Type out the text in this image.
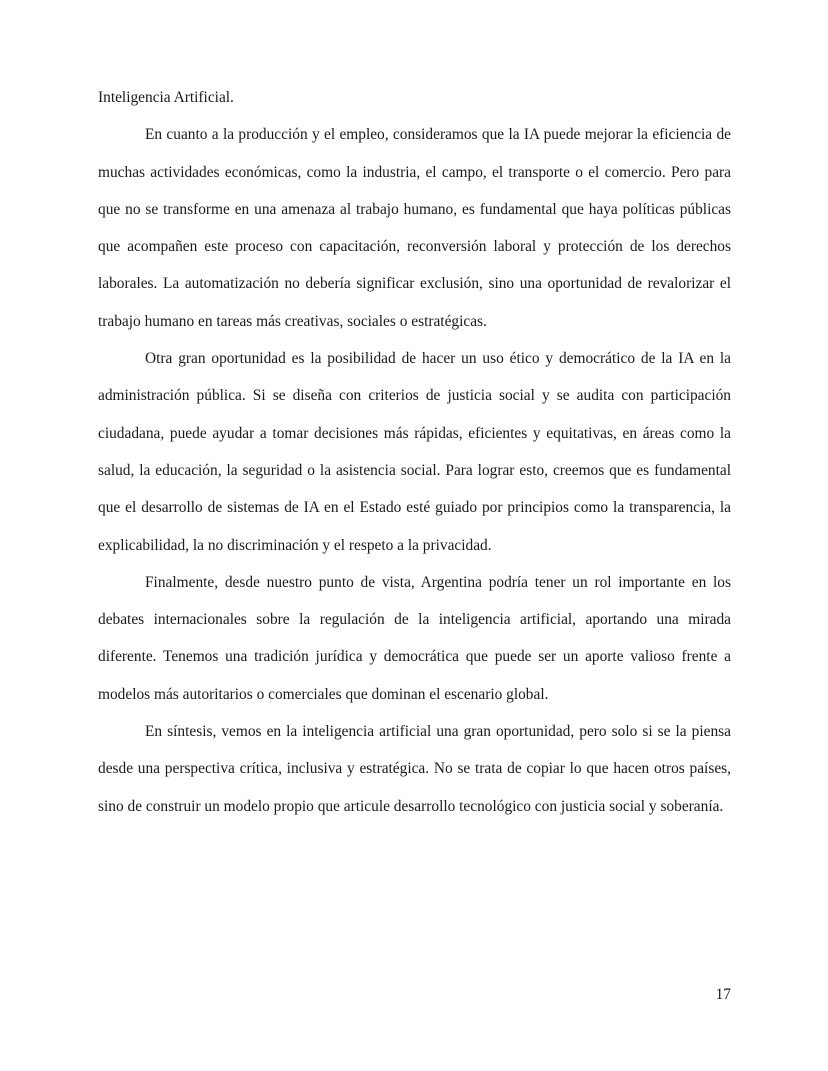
Inteligencia Artificial.

En cuanto a la producción y el empleo, consideramos que la IA puede mejorar la eficiencia de muchas actividades económicas, como la industria, el campo, el transporte o el comercio. Pero para que no se transforme en una amenaza al trabajo humano, es fundamental que haya políticas públicas que acompañen este proceso con capacitación, reconversión laboral y protección de los derechos laborales. La automatización no debería significar exclusión, sino una oportunidad de revalorizar el trabajo humano en tareas más creativas, sociales o estratégicas.

Otra gran oportunidad es la posibilidad de hacer un uso ético y democrático de la IA en la administración pública. Si se diseña con criterios de justicia social y se audita con participación ciudadana, puede ayudar a tomar decisiones más rápidas, eficientes y equitativas, en áreas como la salud, la educación, la seguridad o la asistencia social. Para lograr esto, creemos que es fundamental que el desarrollo de sistemas de IA en el Estado esté guiado por principios como la transparencia, la explicabilidad, la no discriminación y el respeto a la privacidad.

Finalmente, desde nuestro punto de vista, Argentina podría tener un rol importante en los debates internacionales sobre la regulación de la inteligencia artificial, aportando una mirada diferente. Tenemos una tradición jurídica y democrática que puede ser un aporte valioso frente a modelos más autoritarios o comerciales que dominan el escenario global.

En síntesis, vemos en la inteligencia artificial una gran oportunidad, pero solo si se la piensa desde una perspectiva crítica, inclusiva y estratégica. No se trata de copiar lo que hacen otros países, sino de construir un modelo propio que articule desarrollo tecnológico con justicia social y soberanía.

17
